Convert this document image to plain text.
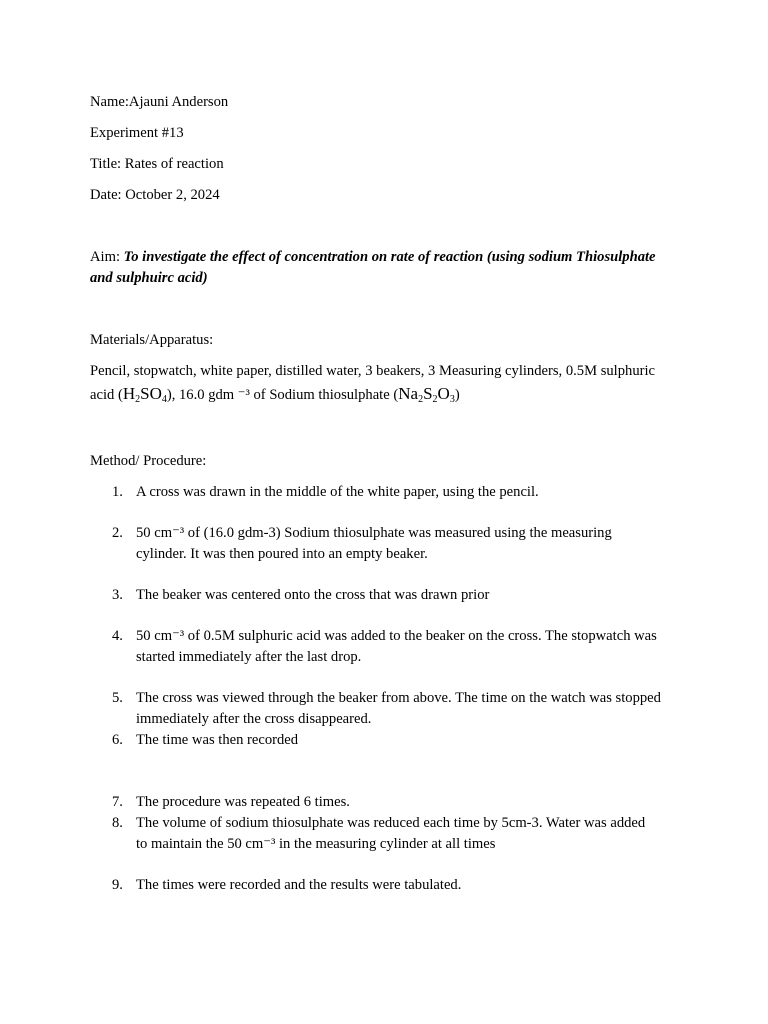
Name:Ajauni Anderson
Experiment #13
Title: Rates of reaction
Date: October 2, 2024
Aim: To investigate the effect of concentration on rate of reaction (using sodium Thiosulphate
and sulphuirc acid)
Materials/Apparatus:
Pencil, stopwatch, white paper, distilled water, 3 beakers, 3 Measuring cylinders, 0.5M sulphuric
acid (H2SO4), 16.0 gdm ⁻³ of Sodium thiosulphate (Na2S2O3)
Method/ Procedure:
1. A cross was drawn in the middle of the white paper, using the pencil.
2. 50 cm⁻³ of (16.0 gdm-3) Sodium thiosulphate was measured using the measuring
cylinder. It was then poured into an empty beaker.
3. The beaker was centered onto the cross that was drawn prior
4. 50 cm⁻³ of 0.5M sulphuric acid was added to the beaker on the cross. The stopwatch was
started immediately after the last drop.
5. The cross was viewed through the beaker from above. The time on the watch was stopped
immediately after the cross disappeared.
6. The time was then recorded
7. The procedure was repeated 6 times.
8. The volume of sodium thiosulphate was reduced each time by 5cm-3. Water was added
to maintain the 50 cm⁻³ in the measuring cylinder at all times
9. The times were recorded and the results were tabulated.
